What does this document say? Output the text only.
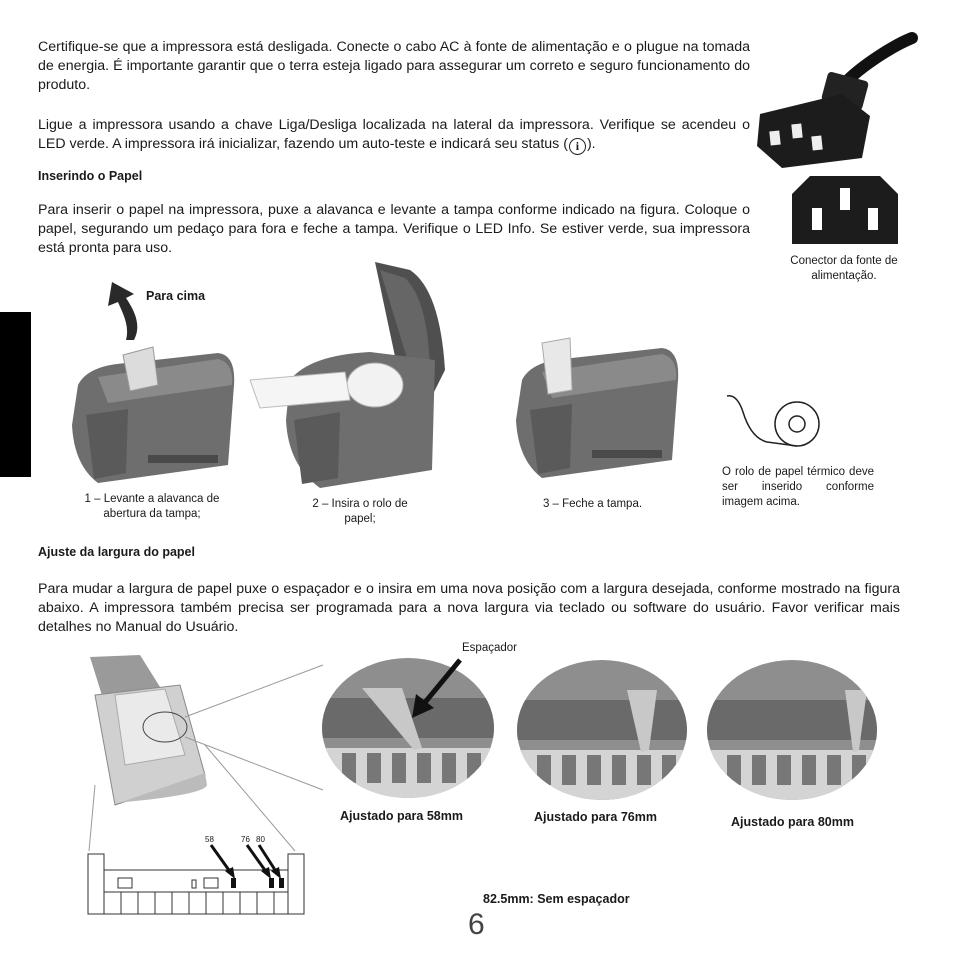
Certifique-se que a impressora está desligada. Conecte o cabo AC à fonte de alimentação e o plugue na tomada de energia. É importante garantir que o terra esteja ligado para assegurar um correto e seguro funcionamento do produto.
Ligue a impressora usando a chave Liga/Desliga localizada na lateral da impressora. Verifique se acendeu o LED verde. A impressora irá inicializar, fazendo um auto-teste e indicará seu status ( i ).
Conector da fonte de alimentação.
Inserindo o Papel
Para inserir o papel na impressora, puxe a alavanca e levante a tampa conforme indicado na figura. Coloque o papel, segurando um pedaço para fora e feche a tampa. Verifique o LED Info. Se estiver verde, sua impressora está pronta para uso.
Para cima
1 – Levante a alavanca de abertura da tampa;
2 – Insira o rolo de papel;
3 – Feche a tampa.
O rolo de papel térmico deve ser inserido conforme imagem acima.
Ajuste da largura do papel
Para mudar a largura de papel puxe o espaçador e o insira em uma nova posição com a largura desejada, conforme mostrado na figura abaixo. A impressora também precisa ser programada para a nova largura via teclado ou software do usuário. Favor verificar mais detalhes no Manual do Usuário.
Espaçador
Ajustado para 58mm	Ajustado para 76mm	Ajustado para 80mm
58	76 80
82.5mm: Sem espaçador
6
